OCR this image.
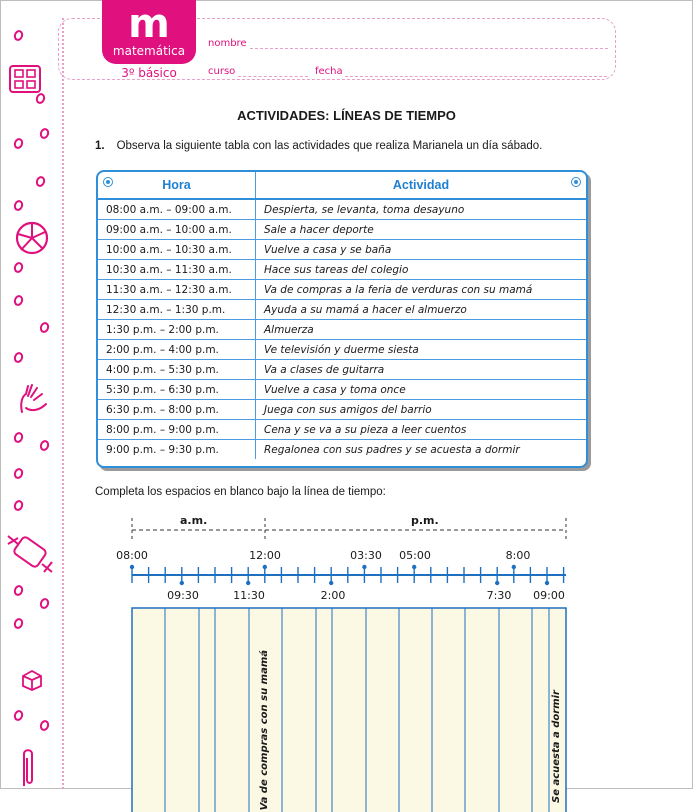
m
matemática
3º básico
nombre
curso	fecha
ACTIVIDADES: LÍNEAS DE TIEMPO
1. Observa la siguiente tabla con las actividades que realiza Marianela un día sábado.
Hora	Actividad
08:00 a.m. – 09:00 a.m.	Despierta, se levanta, toma desayuno
09:00 a.m. – 10:00 a.m.	Sale a hacer deporte
10:00 a.m. – 10:30 a.m.	Vuelve a casa y se baña
10:30 a.m. – 11:30 a.m.	Hace sus tareas del colegio
11:30 a.m. – 12:30 a.m.	Va de compras a la feria de verduras con su mamá
12:30 a.m. – 1:30 p.m.	Ayuda a su mamá a hacer el almuerzo
1:30 p.m. – 2:00 p.m.	Almuerza
2:00 p.m. – 4:00 p.m.	Ve televisión y duerme siesta
4:00 p.m. – 5:30 p.m.	Va a clases de guitarra
5:30 p.m. – 6:30 p.m.	Vuelve a casa y toma once
6:30 p.m. – 8:00 p.m.	Juega con sus amigos del barrio
8:00 p.m. – 9:00 p.m.	Cena y se va a su pieza a leer cuentos
9:00 p.m. – 9:30 p.m.	Regalonea con sus padres y se acuesta a dormir
Completa los espacios en blanco bajo la línea de tiempo:
a.m.	p.m.
08:00	12:00	03:30 05:00	8:00
09:30	11:30	2:00	7:30 09:00
Va de compras con su mamá	Se acuesta a dormir
